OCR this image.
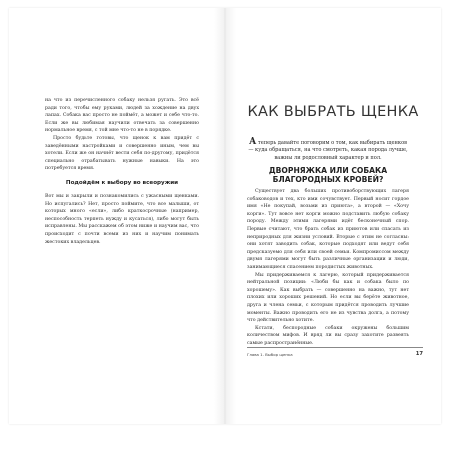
на что из перечисленного собаку нельзя ругать. Это всё ради того, чтобы ему руками, людей за хождение на двух лапах. Собака вас просто не поймёт, а может и себе что-то. Если же вы любимая научили отвечать за совершенно нормальное время, с той мне что-то не в порядке.

Просто будьте готовы, что щенок к вам придёт с заведёнными настройками и совершенно иным, чем вы хотели. Если же он начнёт вести себя по-другому, придётся специально отрабатывать нужные навыки. На это потребуется время.

Подойдём к выбору во всеоружии

Вот мы и закрыли и познакомились с ужасными щенками. Но испугались? Нет, просто поймите, что все малыши, от которых много «если», либо краткосрочные (например, неспособность терпеть нужду и кусаться), либо могут быть исправлены. Мы расскажем об этом ниже и научим вас, что происходит с почти всеми из них и научим понимать жестоких владельцев.

КАК ВЫБРАТЬ ЩЕНКА

А теперь давайте поговорим о том, как выбирать щенков — куда обращаться, на что смотреть, какая порода лучше, важны ли родословный характер и пол.

ДВОРНЯЖКА ИЛИ СОБАКА БЛАГОРОДНЫХ КРОВЕЙ?

Существует два больших противоборствующих лагеря собаководов и тех, кто ими сочувствует. Первый носит гордое имя «Не покупай, возьми из приюта», а второй — «Хочу корги». Тут вовсе нет корги можно подставить любую собаку породу. Между этими лагерями идёт бесконечный спор. Первые считают, что брать собак из приютов или спасать из неприродных для жизни условий. Вторые с этим не согласны: они хотят заводить собак, которые подходят или ведут себя предсказуемо для себя или своей семьи. Компромиссом между двумя лагерями могут быть различные организации и люди, занимающиеся спасением породистых животных.

Мы придерживаемся к лагерю, который придерживается нейтральной позиции: «Люби бы как и собака было по хорошему». Как выбрать — совершенно на важно, тут нет плохих или хороших решений. Но если вы берёте животное, друга и члена семьи, с которым придётся проводить лучшие моменты. Важно проводить его не из чувства долга, а потому что действительно хотите.

Кстати, беспородные собаки окружены большим количеством мифов. И вряд ли вы сразу захотите развеять самые распространённые.

Глава 1. Выбор щенка	17
